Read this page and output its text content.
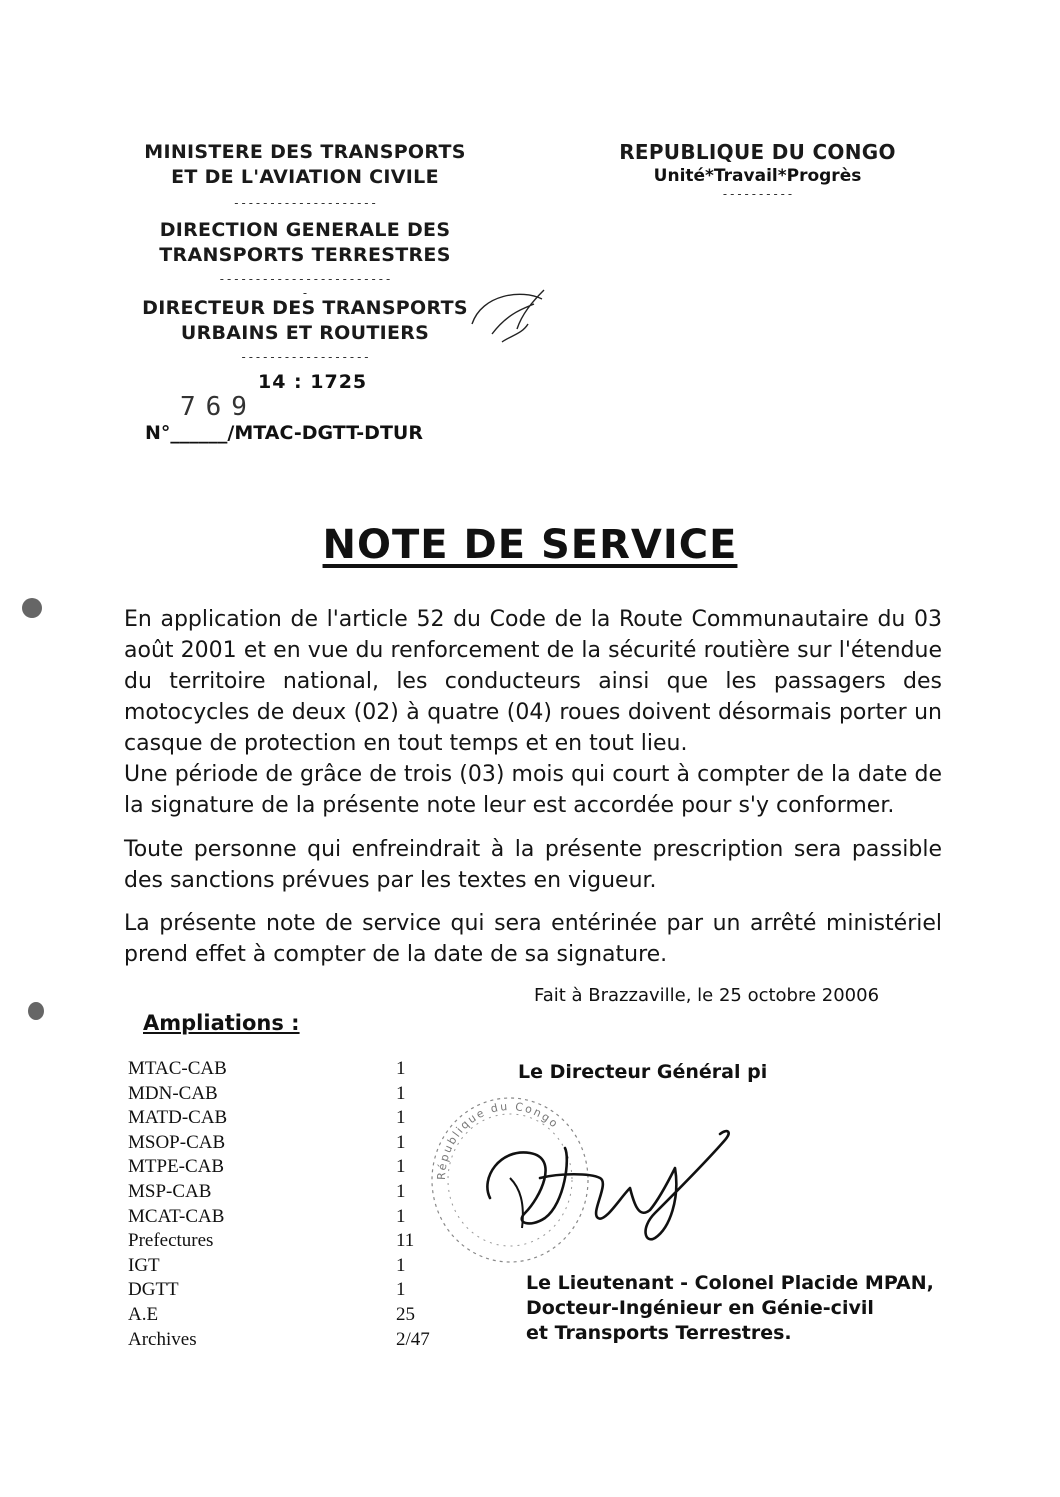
MINISTERE DES TRANSPORTS
ET DE L'AVIATION CIVILE
--------------------
DIRECTION GENERALE DES
TRANSPORTS TERRESTRES
-------------------------
DIRECTEUR DES TRANSPORTS
URBAINS ET ROUTIERS
------------------
14 : 1725
769
N°______/MTAC-DGTT-DTUR
REPUBLIQUE DU CONGO
Unité*Travail*Progrès
----------
NOTE DE SERVICE
En application de l'article 52 du Code de la Route Communautaire du 03 août 2001 et en vue du renforcement de la sécurité routière sur l'étendue du territoire national, les conducteurs ainsi que les passagers des motocycles de deux (02) à quatre (04) roues doivent désormais porter un casque de protection en tout temps et en tout lieu.
Une période de grâce de trois (03) mois qui court à compter de la date de la signature de la présente note leur est accordée pour s'y conformer.
Toute personne qui enfreindrait à la présente prescription sera passible des sanctions prévues par les textes en vigueur.
La présente note de service qui sera entérinée par un arrêté ministériel prend effet à compter de la date de sa signature.
Fait à Brazzaville, le 25 octobre 20006
Ampliations :
MTAC-CAB	1
MDN-CAB	1
MATD-CAB	1
MSOP-CAB	1
MTPE-CAB	1
MSP-CAB	1
MCAT-CAB	1
Prefectures	11
IGT	1
DGTT	1
A.E	25
Archives	2/47
Le Directeur Général pi
République du Congo
Le Lieutenant - Colonel Placide MPAN,
Docteur-Ingénieur en Génie-civil
et Transports Terrestres.
